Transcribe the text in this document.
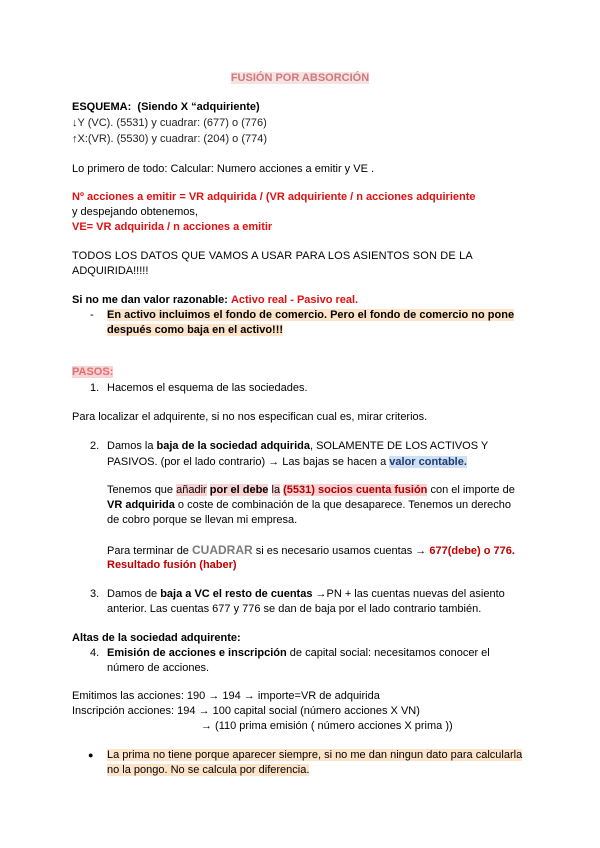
FUSIÓN POR ABSORCIÓN
ESQUEMA: (Siendo X “adquiriente)
↓Y (VC). (5531) y cuadrar: (677) o (776)
↑X:(VR). (5530) y cuadrar: (204) o (774)
Lo primero de todo: Calcular: Numero acciones a emitir y VE .
Nº acciones a emitir = VR adquirida / (VR adquiriente / n acciones adquiriente
y despejando obtenemos,
VE= VR adquirida / n acciones a emitir
TODOS LOS DATOS QUE VAMOS A USAR PARA LOS ASIENTOS SON DE LA
ADQUIRIDA!!!!!
Si no me dan valor razonable: Activo real - Pasivo real.
- En activo incluimos el fondo de comercio. Pero el fondo de comercio no pone
después como baja en el activo!!!
PASOS:
1. Hacemos el esquema de las sociedades.
Para localizar el adquirente, si no nos especifican cual es, mirar criterios.
2. Damos la baja de la sociedad adquirida, SOLAMENTE DE LOS ACTIVOS Y
PASIVOS. (por el lado contrario) → Las bajas se hacen a valor contable.
Tenemos que añadir por el debe la (5531) socios cuenta fusión con el importe de
VR adquirida o coste de combinación de la que desaparece. Tenemos un derecho
de cobro porque se llevan mi empresa.
Para terminar de CUADRAR si es necesario usamos cuentas → 677(debe) o 776.
Resultado fusión (haber)
3. Damos de baja a VC el resto de cuentas →PN + las cuentas nuevas del asiento
anterior. Las cuentas 677 y 776 se dan de baja por el lado contrario también.
Altas de la sociedad adquirente:
4. Emisión de acciones e inscripción de capital social: necesitamos conocer el
número de acciones.
Emitimos las acciones: 190 → 194 → importe=VR de adquirida
Inscripción acciones: 194 → 100 capital social (número acciones X VN)
→ (110 prima emisión ( número acciones X prima ))
● La prima no tiene porque aparecer siempre, si no me dan ningun dato para calcularla
no la pongo. No se calcula por diferencia.
